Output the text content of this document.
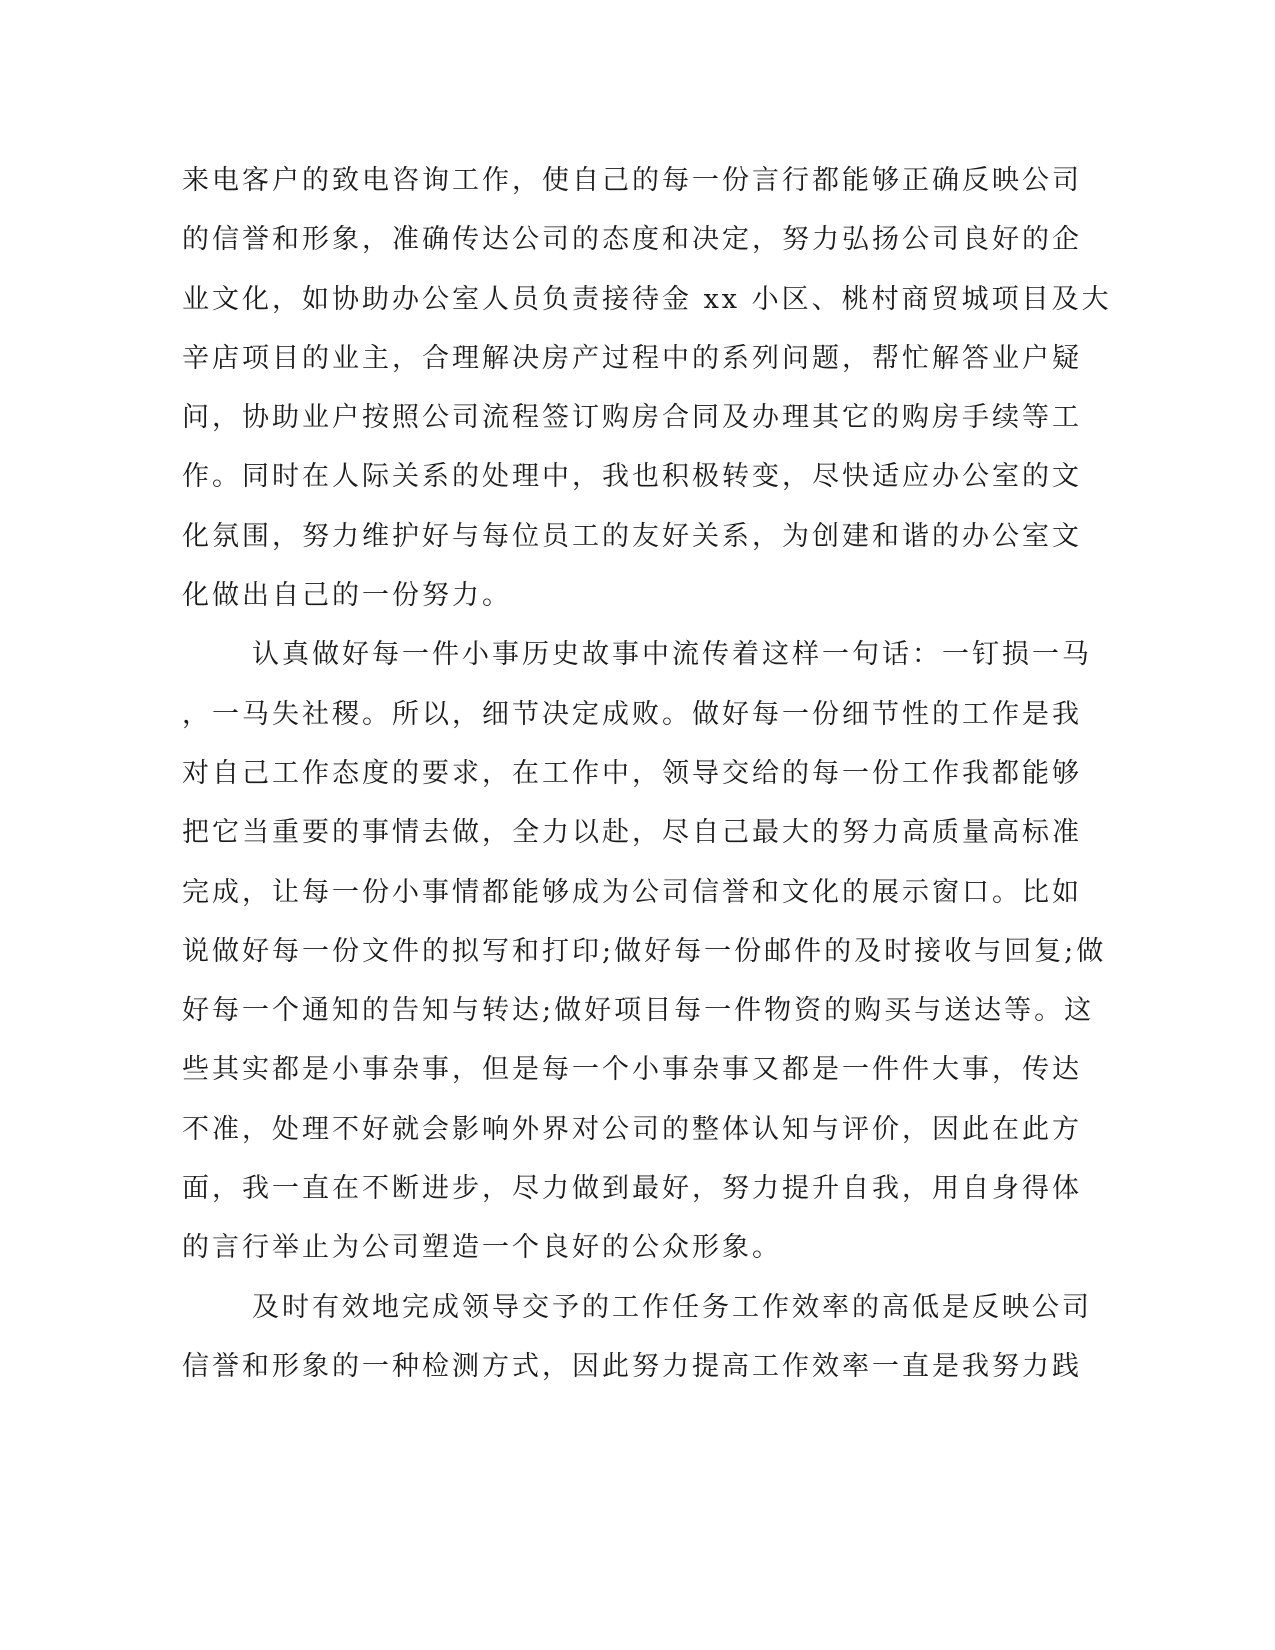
来电客户的致电咨询工作，使自己的每一份言行都能够正确反映公司
的信誉和形象，准确传达公司的态度和决定，努力弘扬公司良好的企
业文化，如协助办公室人员负责接待金 xx 小区、桃村商贸城项目及大
辛店项目的业主，合理解决房产过程中的系列问题，帮忙解答业户疑
问，协助业户按照公司流程签订购房合同及办理其它的购房手续等工
作。同时在人际关系的处理中，我也积极转变，尽快适应办公室的文
化氛围，努力维护好与每位员工的友好关系，为创建和谐的办公室文
化做出自己的一份努力。
认真做好每一件小事历史故事中流传着这样一句话：一钉损一马
，一马失社稷。所以，细节决定成败。做好每一份细节性的工作是我
对自己工作态度的要求，在工作中，领导交给的每一份工作我都能够
把它当重要的事情去做，全力以赴，尽自己最大的努力高质量高标准
完成，让每一份小事情都能够成为公司信誉和文化的展示窗口。比如
说做好每一份文件的拟写和打印;做好每一份邮件的及时接收与回复;做
好每一个通知的告知与转达;做好项目每一件物资的购买与送达等。这
些其实都是小事杂事，但是每一个小事杂事又都是一件件大事，传达
不准，处理不好就会影响外界对公司的整体认知与评价，因此在此方
面，我一直在不断进步，尽力做到最好，努力提升自我，用自身得体
的言行举止为公司塑造一个良好的公众形象。
及时有效地完成领导交予的工作任务工作效率的高低是反映公司
信誉和形象的一种检测方式，因此努力提高工作效率一直是我努力践
